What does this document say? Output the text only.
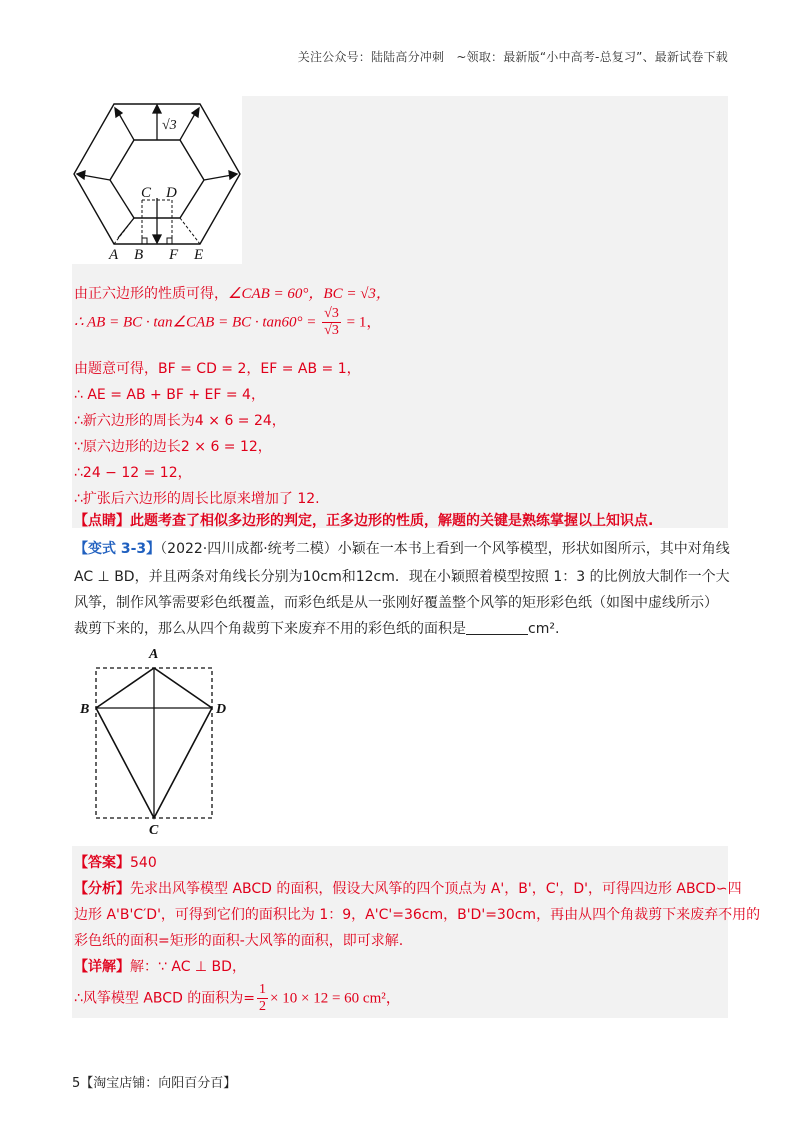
关注公众号：陆陆高分冲刺　~领取：最新版“小中高考-总复习”、最新试卷下载
√3
A B
C D
F E
由正六边形的性质可得，∠CAB = 60°，BC = √3，
∴ AB = BC · tan∠CAB = BC · $\tan 60^\circ = \frac{√3}{√3} = 1$，
由题意可得，BF = CD = 2，EF = AB = 1，
∴ AE = AB + BF + EF = 4，
∴新六边形的周长为4 × 6 = 24，
∵原六边形的边长2 × 6 = 12，
∴24 − 12 = 12，
∴扩张后六边形的周长比原来增加了 12.
【点睛】此题考查了相似多边形的判定，正多边形的性质，解题的关键是熟练掌握以上知识点.
【变式 3-3】（2022·四川成都·统考二模）小颖在一本书上看到一个风筝模型，形状如图所示，其中对角线
AC ⊥ BD，并且两条对角线长分别为10cm和12cm．现在小颖照着模型按照 1：3 的比例放大制作一个大
风筝，制作风筝需要彩色纸覆盖，而彩色纸是从一张刚好覆盖整个风筝的矩形彩色纸（如图中虚线所示）
裁剪下来的，那么从四个角裁剪下来废弃不用的彩色纸的面积是	cm².
A
B	D
C
【答案】540
【分析】先求出风筝模型 ABCD 的面积，假设大风筝的四个顶点为 A'，B'，C'，D'，可得四边形 ABCD∽四
边形 A'B'C′D'，可得到它们的面积比为 1：9，A'C'=36cm，B'D'=30cm，再由从四个角裁剪下来废弃不用的
彩色纸的面积=矩形的面积-大风筝的面积，即可求解.
【详解】解：∵ AC ⊥ BD，
∴风筝模型 ABCD 的面积为= $\frac{1}{2} \times 10 \times 12 = 60$ cm²，
5【淘宝店铺：向阳百分百】
